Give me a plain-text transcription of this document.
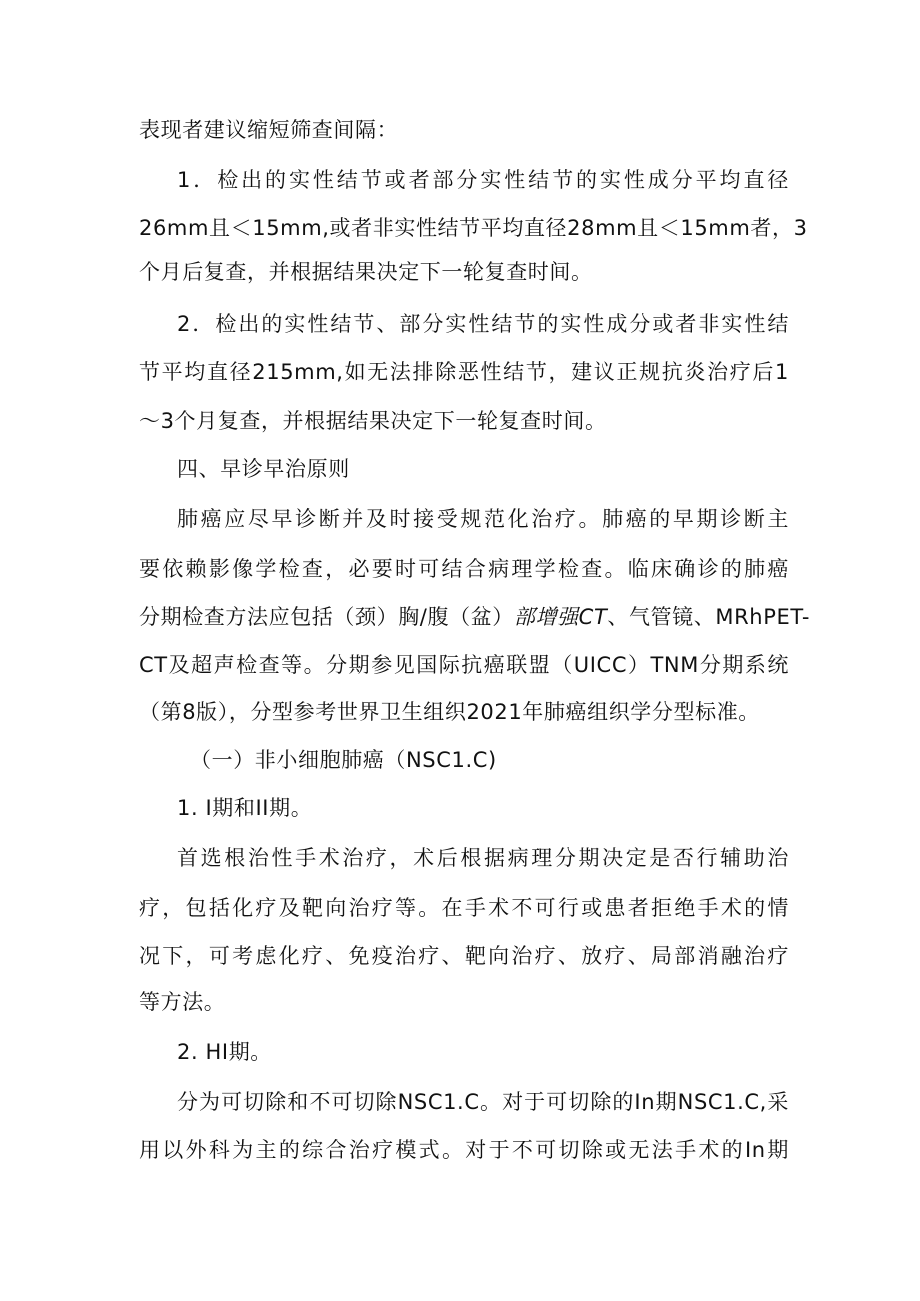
表现者建议缩短筛查间隔：
1．检出的实性结节或者部分实性结节的实性成分平均直径
26mm且＜15mm,或者非实性结节平均直径28mm且＜15mm者，3
个月后复查，并根据结果决定下一轮复查时间。
2．检出的实性结节、部分实性结节的实性成分或者非实性结
节平均直径215mm,如无法排除恶性结节，建议正规抗炎治疗后1
〜3个月复查，并根据结果决定下一轮复查时间。
四、早诊早治原则
肺癌应尽早诊断并及时接受规范化治疗。肺癌的早期诊断主
要依赖影像学检查，必要时可结合病理学检查。临床确诊的肺癌
分期检查方法应包括（颈）胸/腹（盆）部增强CT、气管镜、MRhPET-
CT及超声检查等。分期参见国际抗癌联盟（UICC）TNM分期系统
（第8版），分型参考世界卫生组织2021年肺癌组织学分型标准。
（一）非小细胞肺癌（NSC1.C)
1. I期和II期。
首选根治性手术治疗，术后根据病理分期决定是否行辅助治
疗，包括化疗及靶向治疗等。在手术不可行或患者拒绝手术的情
况下，可考虑化疗、免疫治疗、靶向治疗、放疗、局部消融治疗
等方法。
2. HI期。
分为可切除和不可切除NSC1.C。对于可切除的In期NSC1.C,采
用以外科为主的综合治疗模式。对于不可切除或无法手术的In期
